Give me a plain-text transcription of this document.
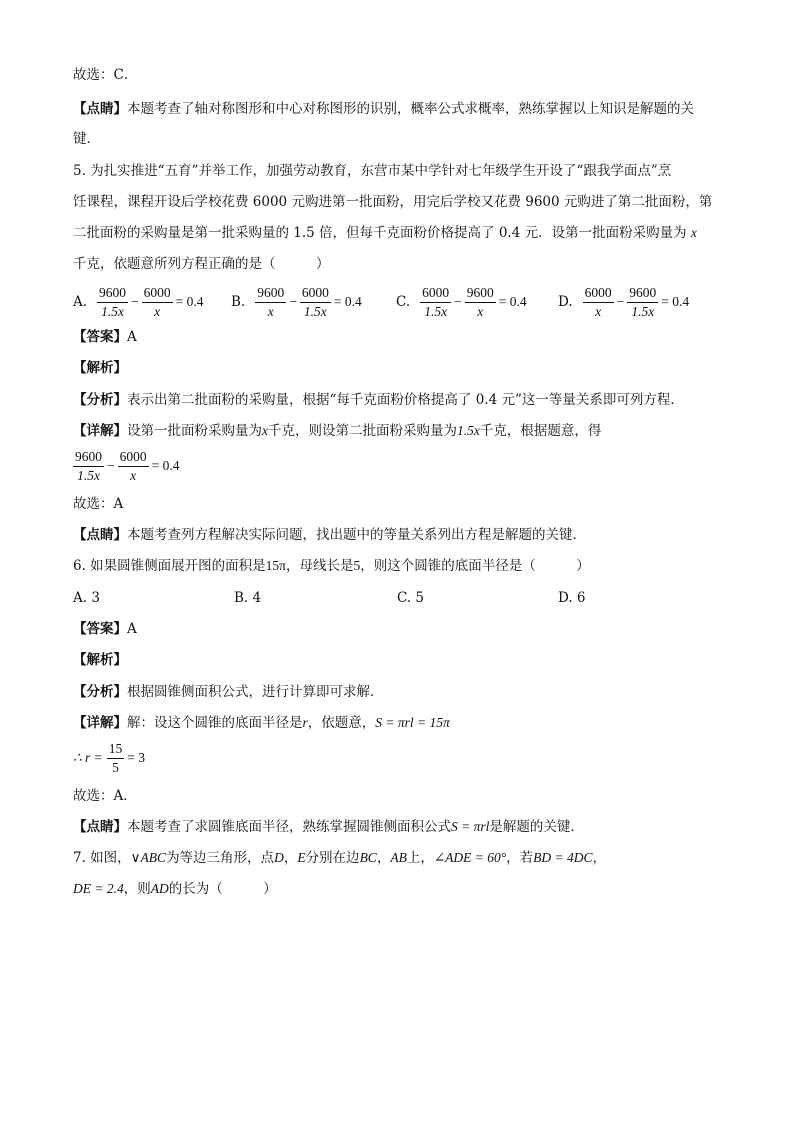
故选：C．
【点睛】本题考查了轴对称图形和中心对称图形的识别，概率公式求概率，熟练掌握以上知识是解题的关
键．
5. 为扎实推进“五育”并举工作，加强劳动教育，东营市某中学针对七年级学生开设了“跟我学面点”烹
饪课程，课程开设后学校花费 6000 元购进第一批面粉，用完后学校又花费 9600 元购进了第二批面粉，第
二批面粉的采购量是第一批采购量的 1.5 倍，但每千克面粉价格提高了 0.4 元．设第一批面粉采购量为 x
千克，依题意所列方程正确的是（　　　）
A. $\frac{9600}{1.5x} - \frac{6000}{x} = 0.4$ B. $\frac{9600}{x} - \frac{6000}{1.5x} = 0.4$	C. $\frac{6000}{1.5x} - \frac{9600}{x} = 0.4$ D. $\frac{6000}{x} - \frac{9600}{1.5x} = 0.4$
【答案】A
【解析】
【分析】表示出第二批面粉的采购量，根据“每千克面粉价格提高了 0.4 元”这一等量关系即可列方程．
【详解】设第一批面粉采购量为x千克，则设第二批面粉采购量为1.5x千克，根据题意，得
$\frac{9600}{1.5x} - \frac{6000}{x} = 0.4$
故选：A
【点睛】本题考查列方程解决实际问题，找出题中的等量关系列出方程是解题的关键．
6. 如果圆锥侧面展开图的面积是15π，母线长是5，则这个圆锥的底面半径是（　　　）
A. 3	B. 4	C. 5	D. 6
【答案】A
【解析】
【分析】根据圆锥侧面积公式，进行计算即可求解．
【详解】解：设这个圆锥的底面半径是r，依题意，S = πrl = 15π
∴ $r = \frac{15}{5} = 3$
故选：A．
【点睛】本题考查了求圆锥底面半径，熟练掌握圆锥侧面积公式S = πrl是解题的关键．
7. 如图，∨ABC为等边三角形，点D，E分别在边BC，AB上，∠ADE = 60°，若BD = 4DC，
DE = 2.4，则AD的长为（　　　）
